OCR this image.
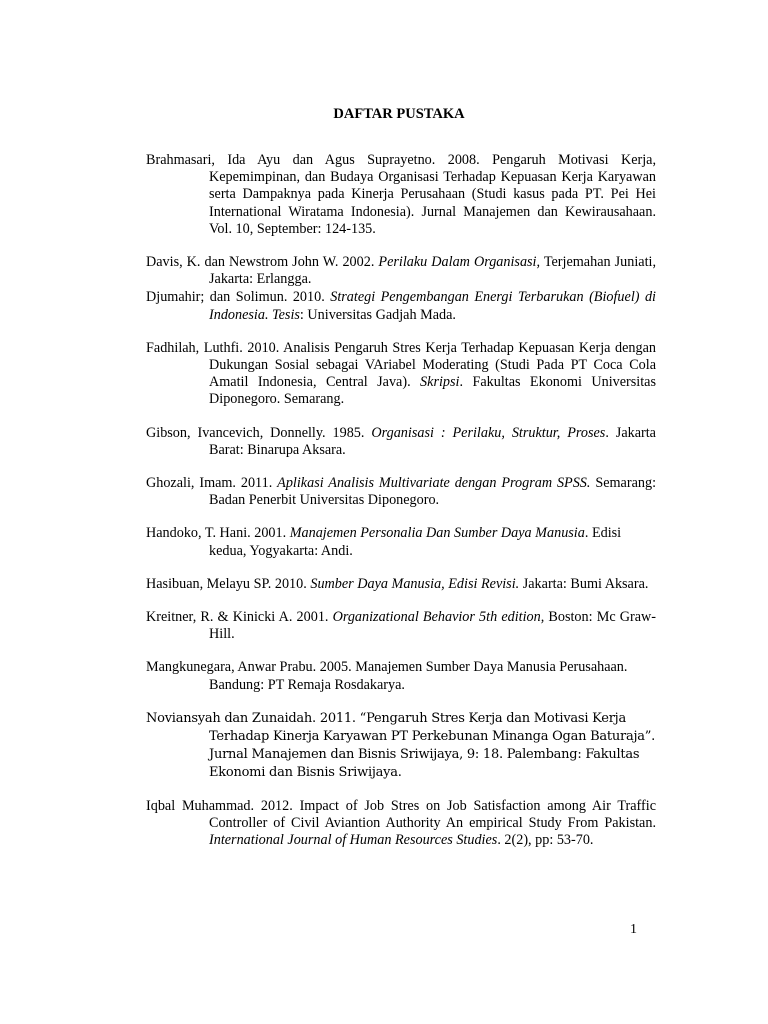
DAFTAR PUSTAKA

Brahmasari, Ida Ayu dan Agus Suprayetno. 2008. Pengaruh Motivasi Kerja, Kepemimpinan, dan Budaya Organisasi Terhadap Kepuasan Kerja Karyawan serta Dampaknya pada Kinerja Perusahaan (Studi kasus pada PT. Pei Hei International Wiratama Indonesia). Jurnal Manajemen dan Kewirausahaan. Vol. 10, September: 124-135.

Davis, K. dan Newstrom John W. 2002. Perilaku Dalam Organisasi, Terjemahan Juniati, Jakarta: Erlangga.

Djumahir; dan Solimun. 2010. Strategi Pengembangan Energi Terbarukan (Biofuel) di Indonesia. Tesis: Universitas Gadjah Mada.

Fadhilah, Luthfi. 2010. Analisis Pengaruh Stres Kerja Terhadap Kepuasan Kerja dengan Dukungan Sosial sebagai VAriabel Moderating (Studi Pada PT Coca Cola Amatil Indonesia, Central Java). Skripsi. Fakultas Ekonomi Universitas Diponegoro. Semarang.

Gibson, Ivancevich, Donnelly. 1985. Organisasi : Perilaku, Struktur, Proses. Jakarta Barat: Binarupa Aksara.

Ghozali, Imam. 2011. Aplikasi Analisis Multivariate dengan Program SPSS. Semarang: Badan Penerbit Universitas Diponegoro.

Handoko, T. Hani. 2001. Manajemen Personalia Dan Sumber Daya Manusia. Edisi kedua, Yogyakarta: Andi.

Hasibuan, Melayu SP. 2010. Sumber Daya Manusia, Edisi Revisi. Jakarta: Bumi Aksara.

Kreitner, R. & Kinicki A. 2001. Organizational Behavior 5th edition, Boston: Mc Graw-Hill.

Mangkunegara, Anwar Prabu. 2005. Manajemen Sumber Daya Manusia Perusahaan. Bandung: PT Remaja Rosdakarya.

Noviansyah dan Zunaidah. 2011. “Pengaruh Stres Kerja dan Motivasi Kerja Terhadap Kinerja Karyawan PT Perkebunan Minanga Ogan Baturaja”. Jurnal Manajemen dan Bisnis Sriwijaya, 9: 18. Palembang: Fakultas Ekonomi dan Bisnis Sriwijaya.

Iqbal Muhammad. 2012. Impact of Job Stres on Job Satisfaction among Air Traffic Controller of Civil Aviantion Authority An empirical Study From Pakistan. International Journal of Human Resources Studies. 2(2), pp: 53-70.

1
